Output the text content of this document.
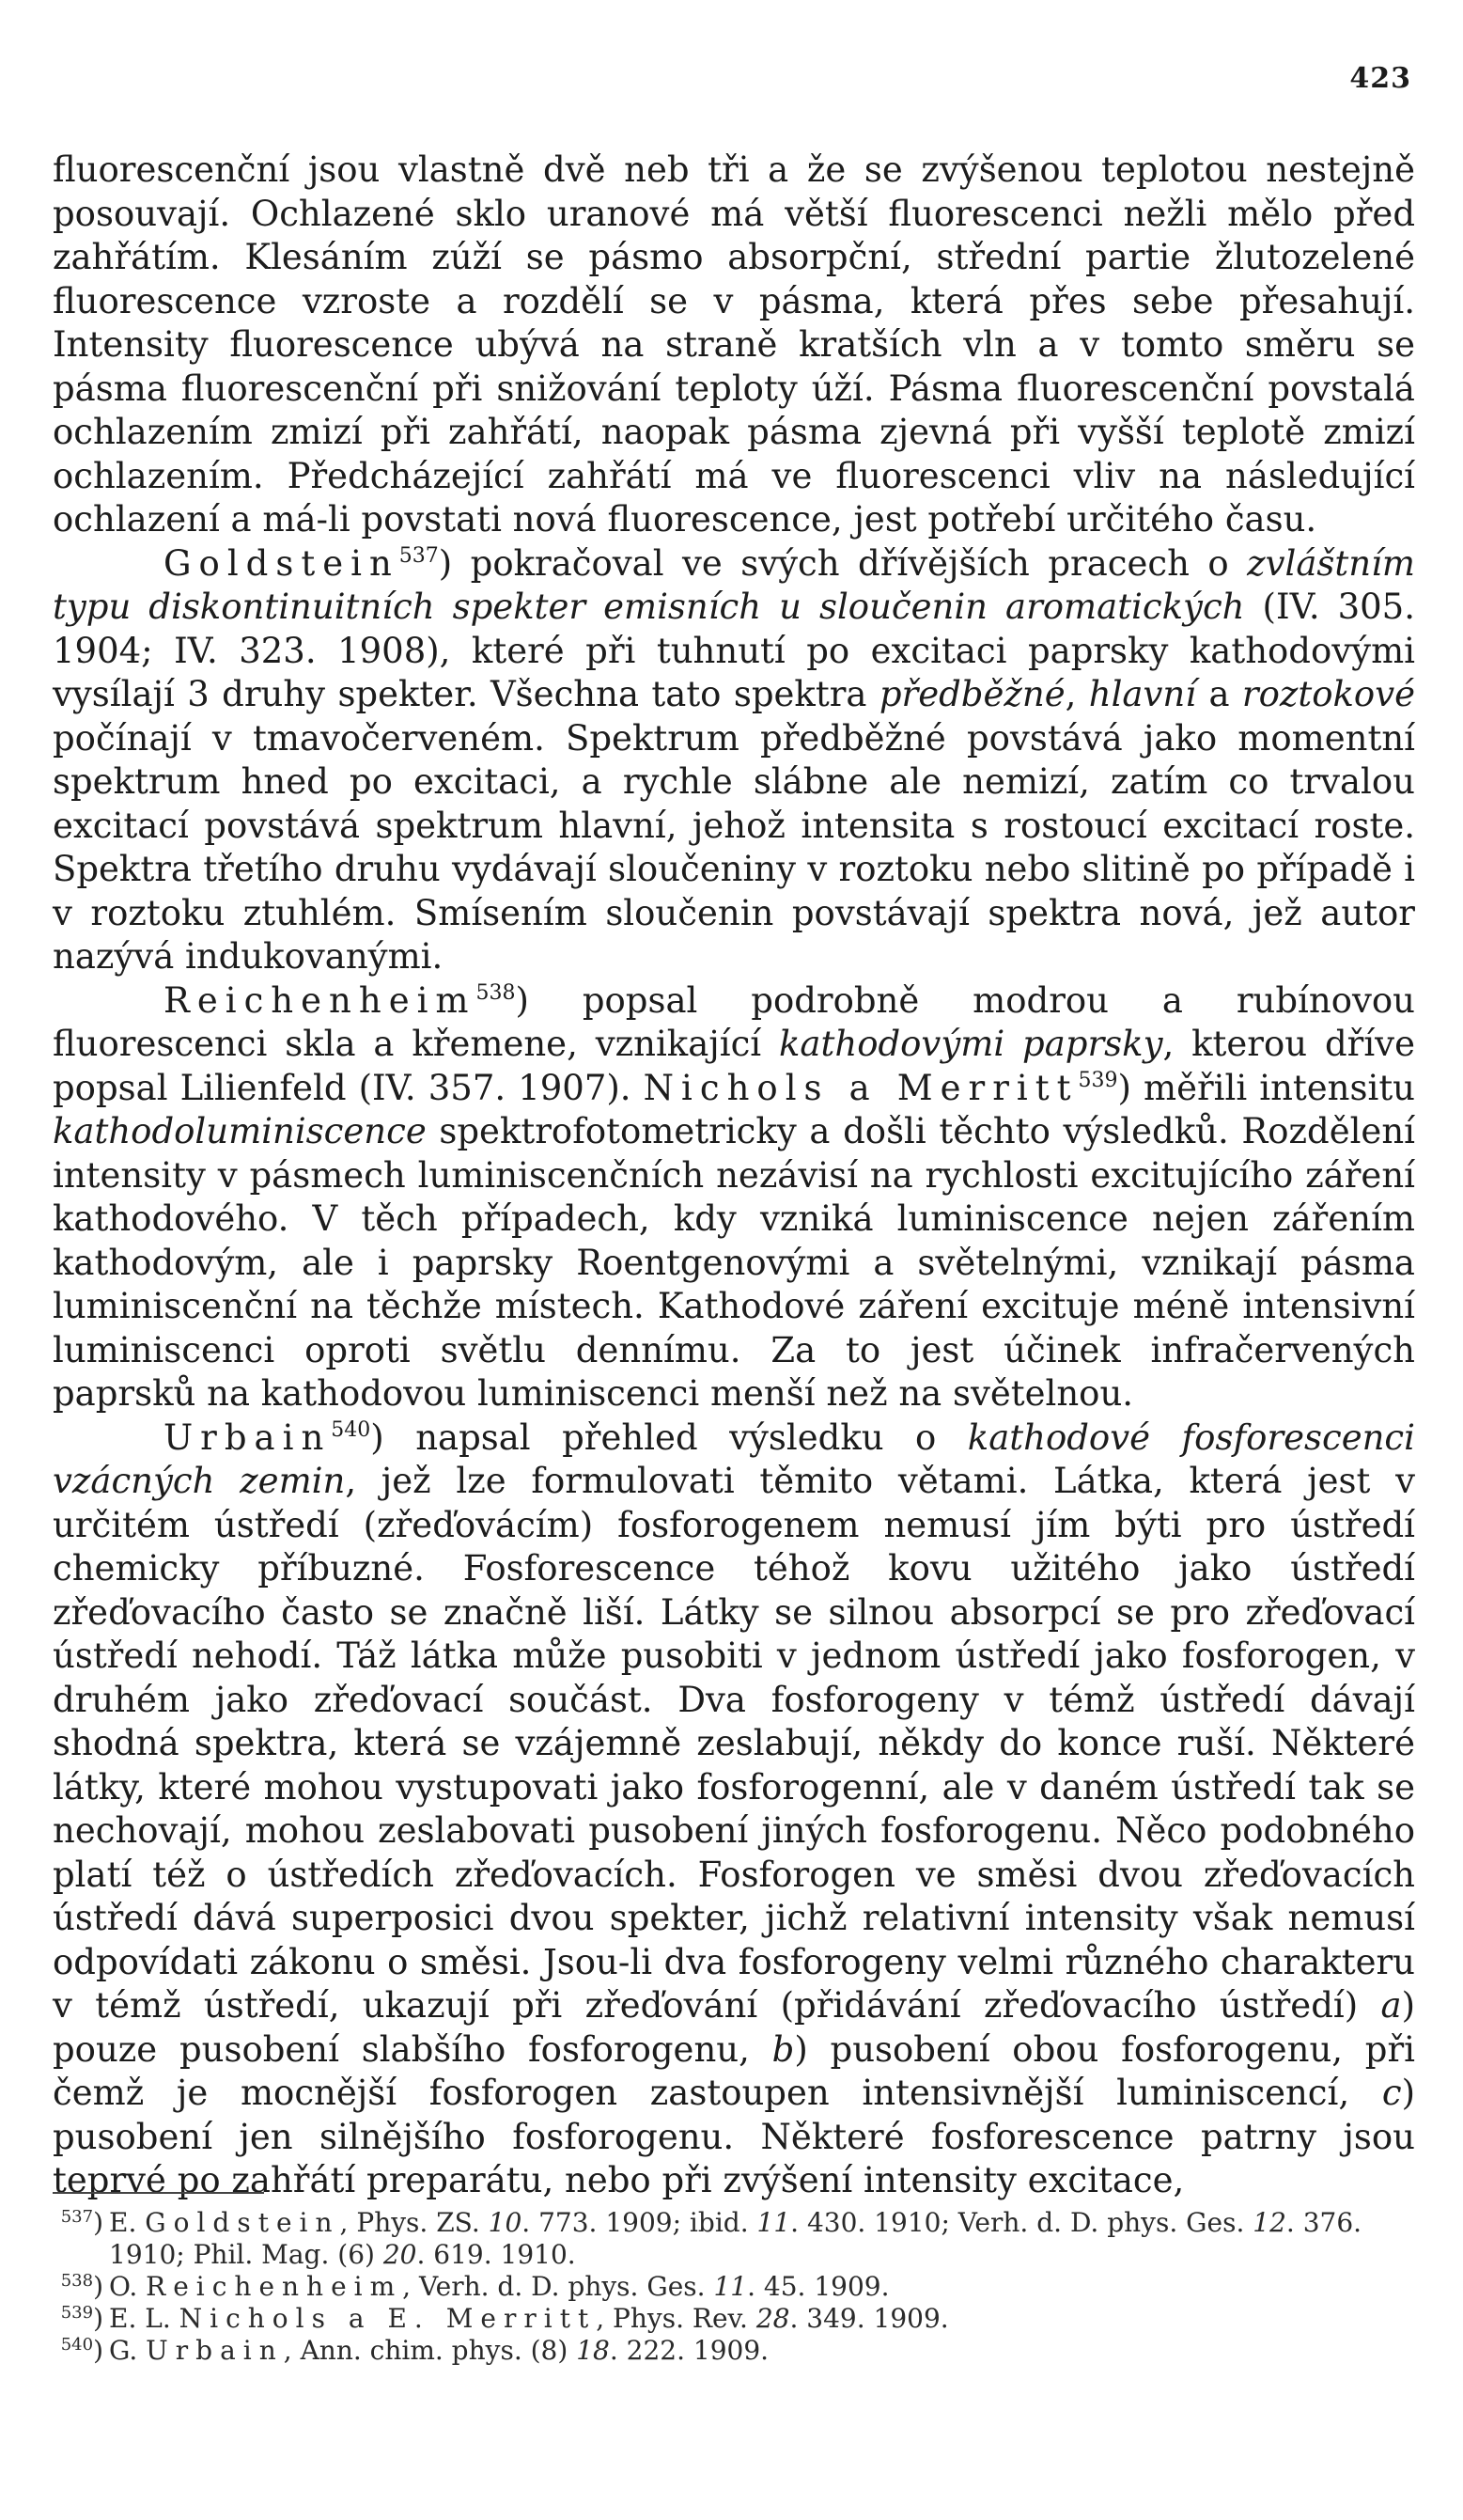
423

fluorescenční jsou vlastně dvě neb tři a že se zvýšenou teplotou nestejně posouvají. Ochlazené sklo uranové má větší fluorescenci nežli mělo před zahřátím. Klesáním zúží se pásmo absorpční, střední partie žlutozelené fluorescence vzroste a rozdělí se v pásma, která přes sebe přesahují. Intensity fluorescence ubývá na straně kratších vln a v tomto směru se pásma fluorescenční při snižování teploty úží. Pásma fluorescenční povstalá ochlazením zmizí při zahřátí, naopak pásma zjevná při vyšší teplotě zmizí ochlazením. Předcházející zahřátí má ve fluorescenci vliv na následující ochlazení a má-li povstati nová fluorescence, jest potřebí určitého času.

Goldstein$^{537}$) pokračoval ve svých dřívějších pracech o zvláštním typu diskontinuitních spekter emisních u sloučenin aromatických (IV. 305. 1904; IV. 323. 1908), které při tuhnutí po excitaci paprsky kathodovými vysílají 3 druhy spekter. Všechna tato spektra předběžné, hlavní a roztokové počínají v tmavočerveném. Spektrum předběžné povstává jako momentní spektrum hned po excitaci, a rychle slábne ale nemizí, zatím co trvalou excitací povstává spektrum hlavní, jehož intensita s rostoucí excitací roste. Spektra třetího druhu vydávají sloučeniny v roztoku nebo slitině po případě i v roztoku ztuhlém. Smísením sloučenin povstávají spektra nová, jež autor nazývá indukovanými.

Reichenheim$^{538}$) popsal podrobně modrou a rubínovou fluorescenci skla a křemene, vznikající kathodovými paprsky, kterou dříve popsal Lilienfeld (IV. 357. 1907). Nichols a Merritt$^{539}$) měřili intensitu kathodoluminiscence spektrofotometricky a došli těchto výsledků. Rozdělení intensity v pásmech luminiscenčních nezávisí na rychlosti excitujícího záření kathodového. V těch případech, kdy vzniká luminiscence nejen zářením kathodovým, ale i paprsky Roentgenovými a světelnými, vznikají pásma luminiscenční na těchže místech. Kathodové záření excituje méně intensivní luminiscenci oproti světlu dennímu. Za to jest účinek infračervených paprsků na kathodovou luminiscenci menší než na světelnou.

Urbain$^{540}$) napsal přehled výsledku o kathodové fosforescenci vzácných zemin, jež lze formulovati těmito větami. Látka, která jest v určitém ústředí (zřeďovácím) fosforogenem nemusí jím býti pro ústředí chemicky příbuzné. Fosforescence téhož kovu užitého jako ústředí zřeďovacího často se značně liší. Látky se silnou absorpcí se pro zřeďovací ústředí nehodí. Táž látka může pusobiti v jednom ústředí jako fosforogen, v druhém jako zřeďovací součást. Dva fosforogeny v témž ústředí dávají shodná spektra, která se vzájemně zeslabují, někdy do konce ruší. Některé látky, které mohou vystupovati jako fosforogenní, ale v daném ústředí tak se nechovají, mohou zeslabovati pusobení jiných fosforogenu. Něco podobného platí též o ústředích zřeďovacích. Fosforogen ve směsi dvou zřeďovacích ústředí dává superposici dvou spekter, jichž relativní intensity však nemusí odpovídati zákonu o směsi. Jsou-li dva fosforogeny velmi různého charakteru v témž ústředí, ukazují při zřeďování (přidávání zřeďovacího ústředí) a) pouze pusobení slabšího fosforogenu, b) pusobení obou fosforogenu, při čemž je mocnější fosforogen zastoupen intensivnější luminiscencí, c) pusobení jen silnějšího fosforogenu. Některé fosforescence patrny jsou teprvé po zahřátí preparátu, nebo při zvýšení intensity excitace,

$^{537}$) E. Goldstein, Phys. ZS. 10. 773. 1909; ibid. 11. 430. 1910; Verh. d. D. phys. Ges. 12. 376. 1910; Phil. Mag. (6) 20. 619. 1910.

$^{538}$) O. Reichenheim, Verh. d. D. phys. Ges. 11. 45. 1909.

$^{539}$) E. L. Nichols a E. Merritt, Phys. Rev. 28. 349. 1909.

$^{540}$) G. Urbain, Ann. chim. phys. (8) 18. 222. 1909.
